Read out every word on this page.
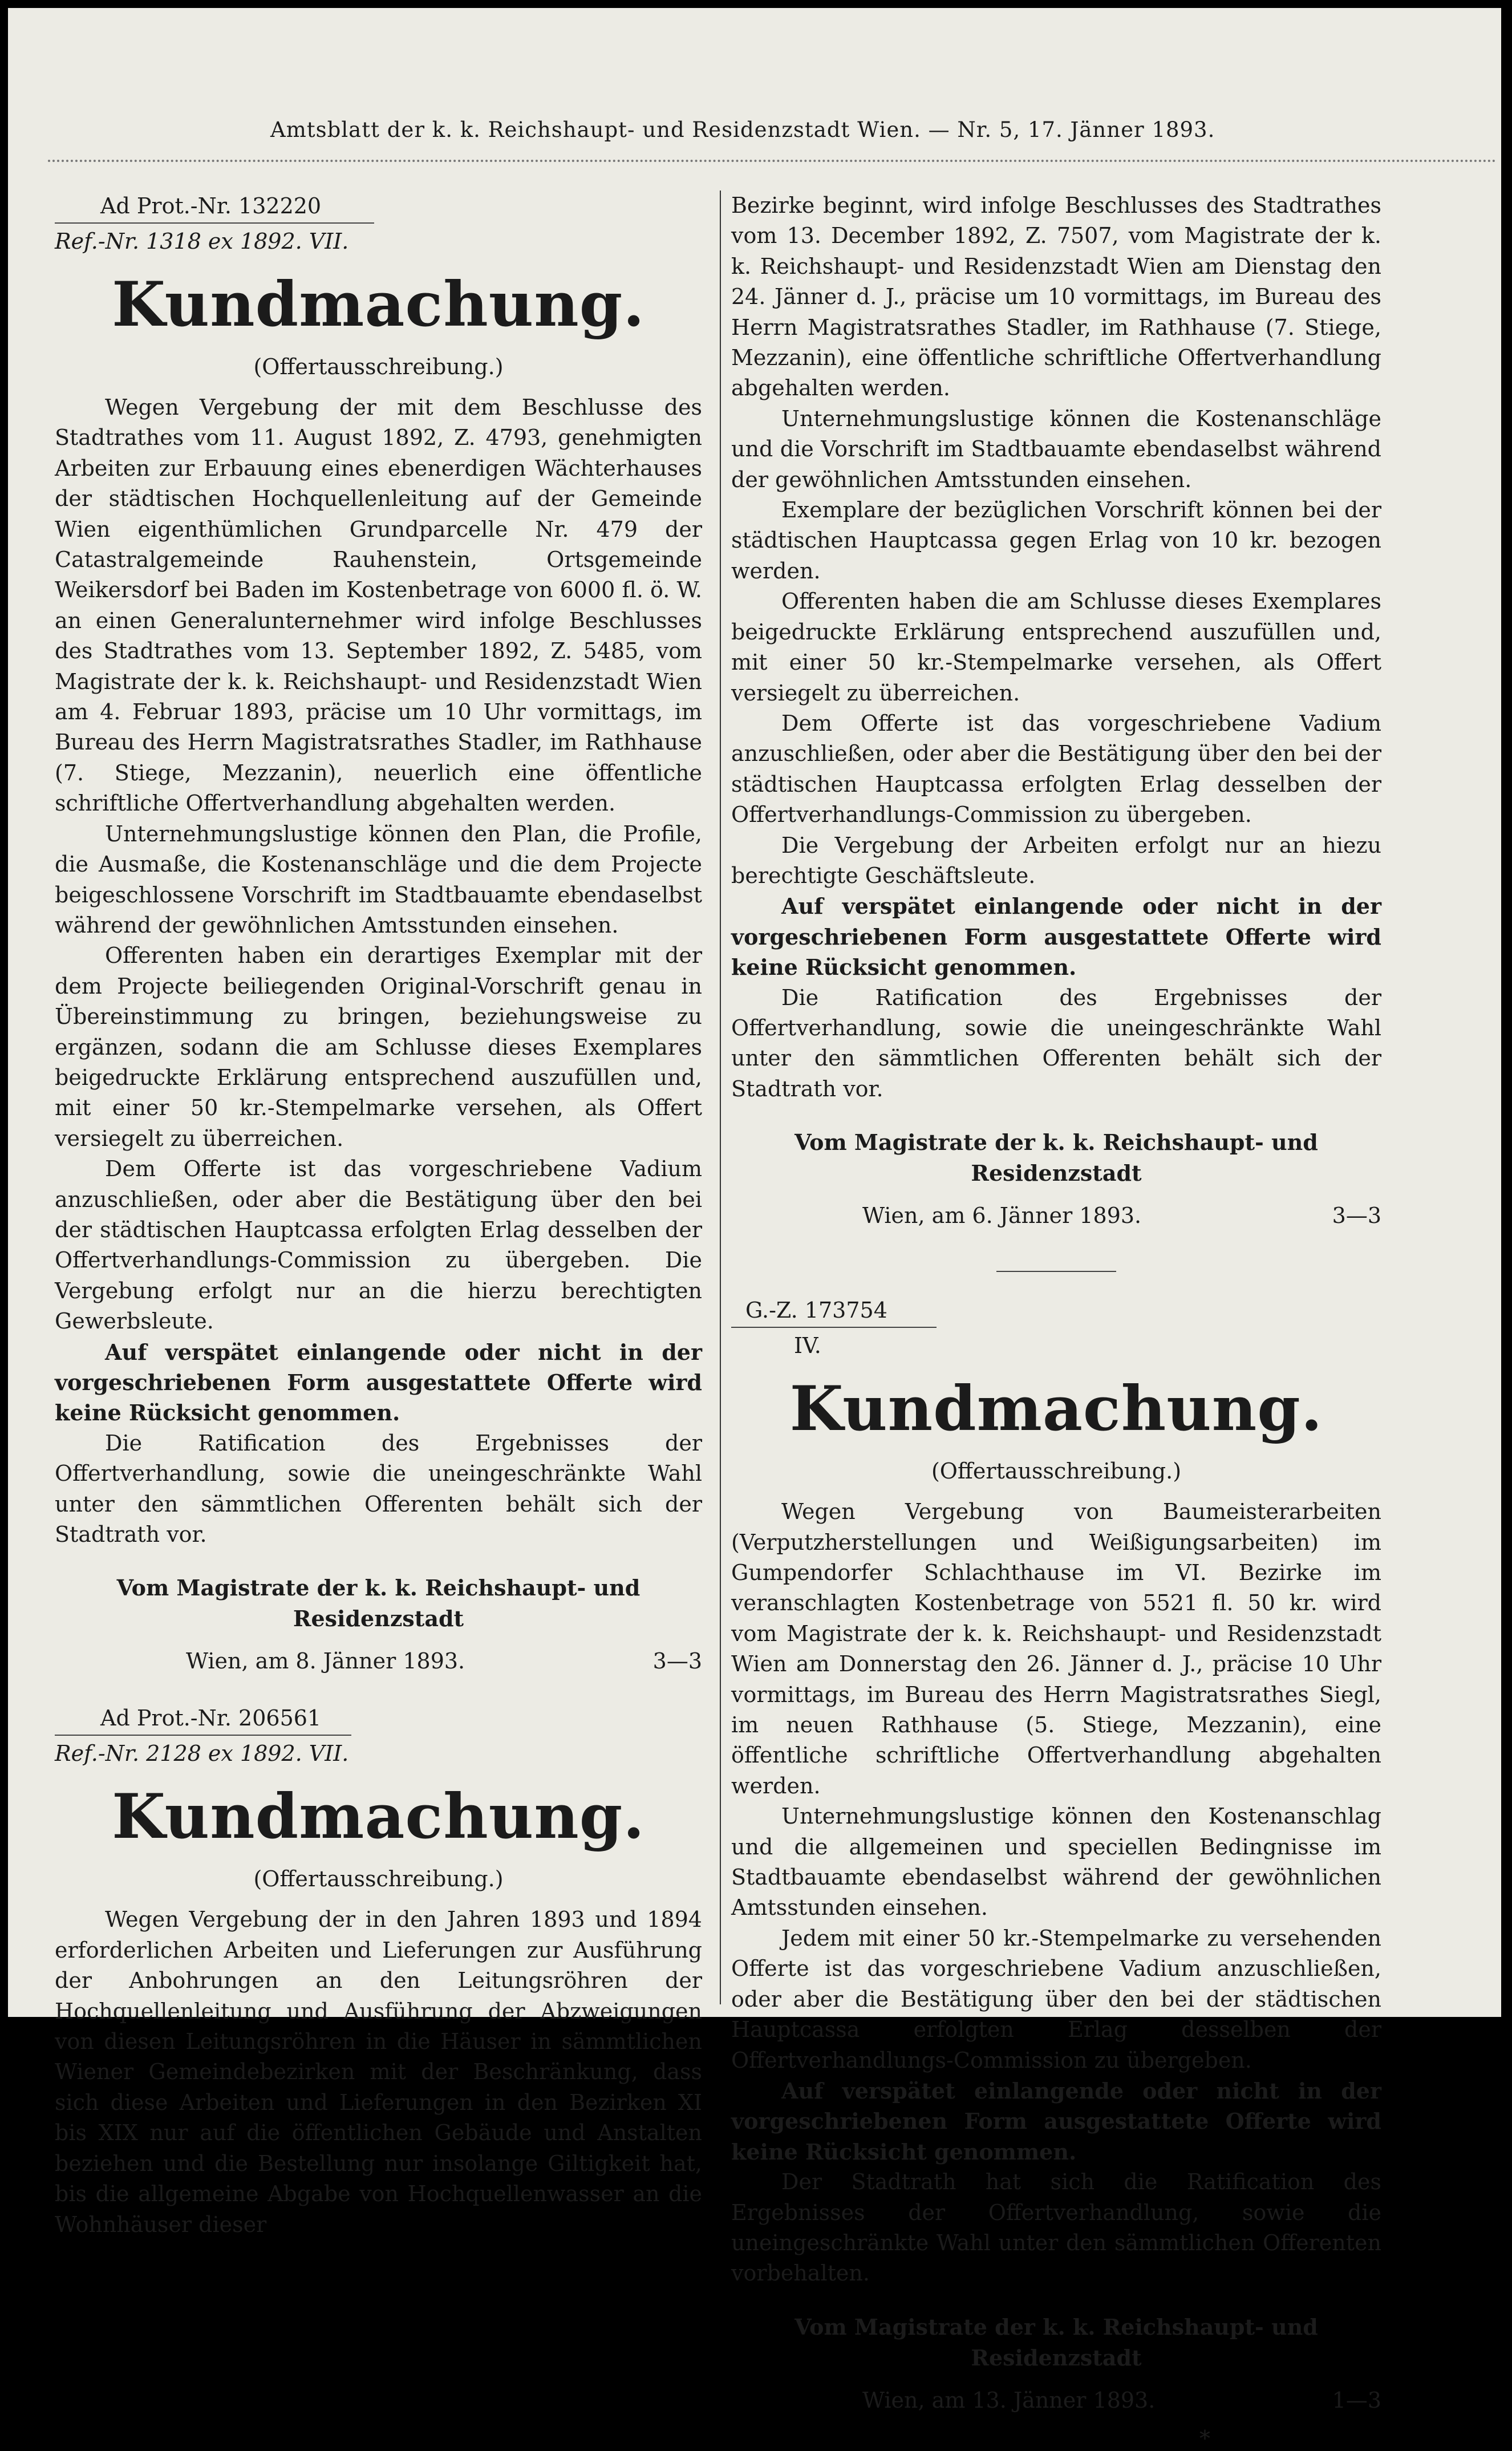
Amtsblatt der k. k. Reichshaupt- und Residenzstadt Wien. — Nr. 5, 17. Jänner 1893.
Ad Prot.-Nr. 132220
Ref.-Nr. 1318 ex 1892. VII.
Kundmachung.
(Offertausschreibung.)

Wegen Vergebung der mit dem Beschlusse des Stadtrathes vom 11. August 1892, Z. 4793, genehmigten Arbeiten zur Erbauung eines ebenerdigen Wächterhauses der städtischen Hochquellenleitung auf der Gemeinde Wien eigenthümlichen Grundparcelle Nr. 479 der Catastralgemeinde Rauhenstein, Ortsgemeinde Weikersdorf bei Baden im Kostenbetrage von 6000 fl. ö. W. an einen Generalunternehmer wird infolge Beschlusses des Stadtrathes vom 13. September 1892, Z. 5485, vom Magistrate der k. k. Reichshaupt- und Residenzstadt Wien am 4. Februar 1893, präcise um 10 Uhr vormittags, im Bureau des Herrn Magistratsrathes Stadler, im Rathhause (7. Stiege, Mezzanin), neuerlich eine öffentliche schriftliche Offertverhandlung abgehalten werden.

Unternehmungslustige können den Plan, die Profile, die Ausmaße, die Kostenanschläge und die dem Projecte beigeschlossene Vorschrift im Stadtbauamte ebendaselbst während der gewöhnlichen Amtsstunden einsehen.

Offerenten haben ein derartiges Exemplar mit der dem Projecte beiliegenden Original-Vorschrift genau in Übereinstimmung zu bringen, beziehungsweise zu ergänzen, sodann die am Schlusse dieses Exemplares beigedruckte Erklärung entsprechend auszufüllen und, mit einer 50 kr.-Stempelmarke versehen, als Offert versiegelt zu überreichen.

Dem Offerte ist das vorgeschriebene Vadium anzuschließen, oder aber die Bestätigung über den bei der städtischen Hauptcassa erfolgten Erlag desselben der Offertverhandlungs-Commission zu übergeben. Die Vergebung erfolgt nur an die hierzu berechtigten Gewerbsleute.

Auf verspätet einlangende oder nicht in der vorgeschriebenen Form ausgestattete Offerte wird keine Rücksicht genommen.

Die Ratification des Ergebnisses der Offertverhandlung, sowie die uneingeschränkte Wahl unter den sämmtlichen Offerenten behält sich der Stadtrath vor.

Vom Magistrate der k. k. Reichshaupt- und Residenzstadt
Wien, am 8. Jänner 1893.	3—3
Ad Prot.-Nr. 206561
Ref.-Nr. 2128 ex 1892. VII.
Kundmachung.
(Offertausschreibung.)

Wegen Vergebung der in den Jahren 1893 und 1894 erforderlichen Arbeiten und Lieferungen zur Ausführung der Anbohrungen an den Leitungsröhren der Hochquellenleitung und Ausführung der Abzweigungen von diesen Leitungsröhren in die Häuser in sämmtlichen Wiener Gemeindebezirken mit der Beschränkung, dass sich diese Arbeiten und Lieferungen in den Bezirken XI bis XIX nur auf die öffentlichen Gebäude und Anstalten beziehen und die Bestellung nur insolange Giltigkeit hat, bis die allgemeine Abgabe von Hochquellenwasser an die Wohnhäuser dieser

Bezirke beginnt, wird infolge Beschlusses des Stadtrathes vom 13. December 1892, Z. 7507, vom Magistrate der k. k. Reichshaupt- und Residenzstadt Wien am Dienstag den 24. Jänner d. J., präcise um 10 vormittags, im Bureau des Herrn Magistratsrathes Stadler, im Rathhause (7. Stiege, Mezzanin), eine öffentliche schriftliche Offertverhandlung abgehalten werden.

Unternehmungslustige können die Kostenanschläge und die Vorschrift im Stadtbauamte ebendaselbst während der gewöhnlichen Amtsstunden einsehen.

Exemplare der bezüglichen Vorschrift können bei der städtischen Hauptcassa gegen Erlag von 10 kr. bezogen werden.

Offerenten haben die am Schlusse dieses Exemplares beigedruckte Erklärung entsprechend auszufüllen und, mit einer 50 kr.-Stempelmarke versehen, als Offert versiegelt zu überreichen.

Dem Offerte ist das vorgeschriebene Vadium anzuschließen, oder aber die Bestätigung über den bei der städtischen Hauptcassa erfolgten Erlag desselben der Offertverhandlungs-Commission zu übergeben.

Die Vergebung der Arbeiten erfolgt nur an hiezu berechtigte Geschäftsleute.

Auf verspätet einlangende oder nicht in der vorgeschriebenen Form ausgestattete Offerte wird keine Rücksicht genommen.

Die Ratification des Ergebnisses der Offertverhandlung, sowie die uneingeschränkte Wahl unter den sämmtlichen Offerenten behält sich der Stadtrath vor.

Vom Magistrate der k. k. Reichshaupt- und Residenzstadt
Wien, am 6. Jänner 1893.	3—3
G.-Z. 173754
IV.
Kundmachung.
(Offertausschreibung.)

Wegen Vergebung von Baumeisterarbeiten (Verputzherstellungen und Weißigungsarbeiten) im Gumpendorfer Schlachthause im VI. Bezirke im veranschlagten Kostenbetrage von 5521 fl. 50 kr. wird vom Magistrate der k. k. Reichshaupt- und Residenzstadt Wien am Donnerstag den 26. Jänner d. J., präcise 10 Uhr vormittags, im Bureau des Herrn Magistratsrathes Siegl, im neuen Rathhause (5. Stiege, Mezzanin), eine öffentliche schriftliche Offertverhandlung abgehalten werden.

Unternehmungslustige können den Kostenanschlag und die allgemeinen und speciellen Bedingnisse im Stadtbauamte ebendaselbst während der gewöhnlichen Amtsstunden einsehen.

Jedem mit einer 50 kr.-Stempelmarke zu versehenden Offerte ist das vorgeschriebene Vadium anzuschließen, oder aber die Bestätigung über den bei der städtischen Hauptcassa erfolgten Erlag desselben der Offertverhandlungs-Commission zu übergeben.

Auf verspätet einlangende oder nicht in der vorgeschriebenen Form ausgestattete Offerte wird keine Rücksicht genommen.

Der Stadtrath hat sich die Ratification des Ergebnisses der Offertverhandlung, sowie die uneingeschränkte Wahl unter den sämmtlichen Offerenten vorbehalten.

Vom Magistrate der k. k. Reichshaupt- und Residenzstadt
Wien, am 13. Jänner 1893.	1—3
*
